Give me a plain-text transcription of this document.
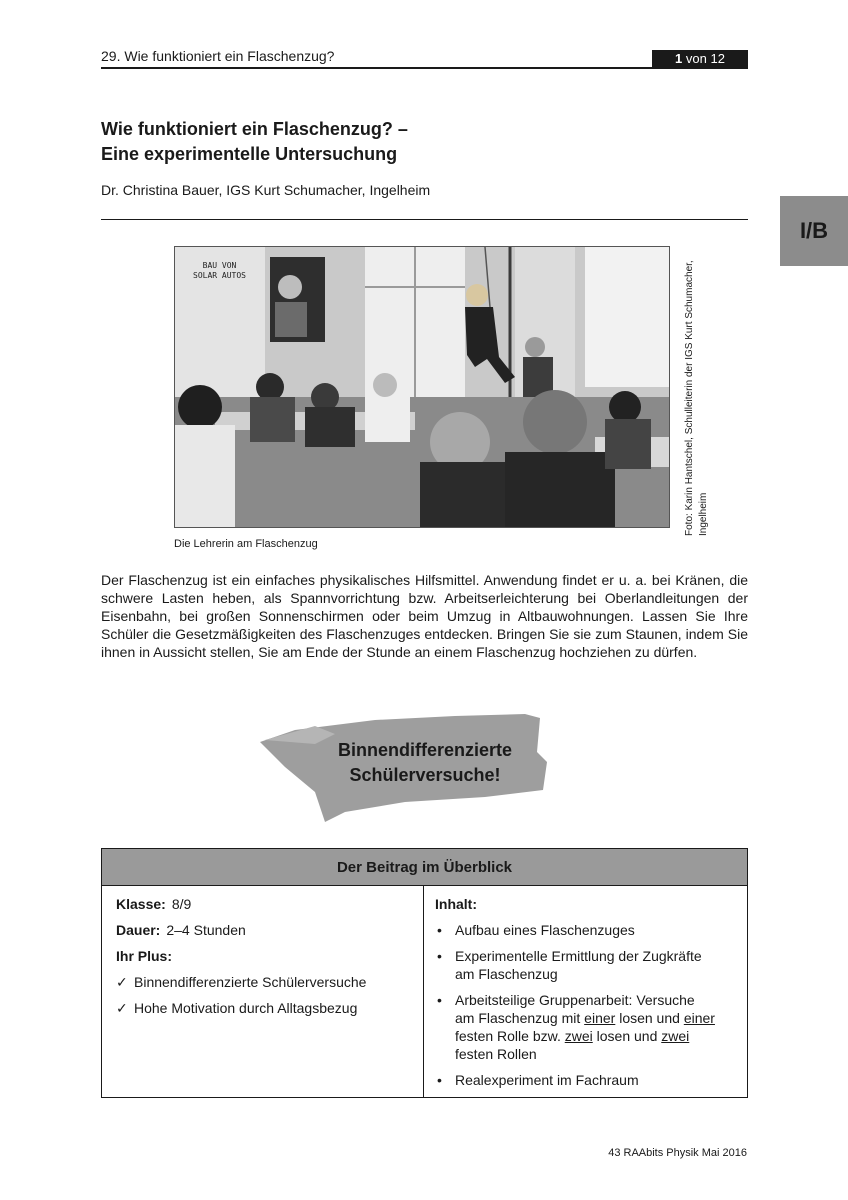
29. Wie funktioniert ein Flaschenzug?	1 von 12
I/B
Wie funktioniert ein Flaschenzug? –
Eine experimentelle Untersuchung
Dr. Christina Bauer, IGS Kurt Schumacher, Ingelheim
BAU VON
SOLAR AUTOS	Foto: Karin Hantschel, Schulleiterin der IGS Kurt Schumacher, Ingelheim
Die Lehrerin am Flaschenzug
Der Flaschenzug ist ein einfaches physikalisches Hilfsmittel. Anwendung findet er u. a. bei Kränen, die schwere Lasten heben, als Spannvorrichtung bzw. Arbeitserleichterung bei Oberlandleitungen der Eisenbahn, bei großen Sonnenschirmen oder beim Umzug in Altbauwohnungen. Lassen Sie Ihre Schüler die Gesetzmäßigkeiten des Flaschenzuges entdecken. Bringen Sie sie zum Staunen, indem Sie ihnen in Aussicht stellen, Sie am Ende der Stunde an einem Flaschenzug hochziehen zu dürfen.
Binnendifferenzierte
Schülerversuche!
Der Beitrag im Überblick
Klasse: 8/9
Dauer: 2–4 Stunden
Ihr Plus:
✓ Binnendifferenzierte Schülerversuche
✓ Hohe Motivation durch Alltagsbezug
Inhalt:
• Aufbau eines Flaschenzuges
• Experimentelle Ermittlung der Zugkräfte am Flaschenzug
• Arbeitsteilige Gruppenarbeit: Versuche am Flaschenzug mit einer losen und einer festen Rolle bzw. zwei losen und zwei festen Rollen
• Realexperiment im Fachraum
43 RAAbits Physik Mai 2016
